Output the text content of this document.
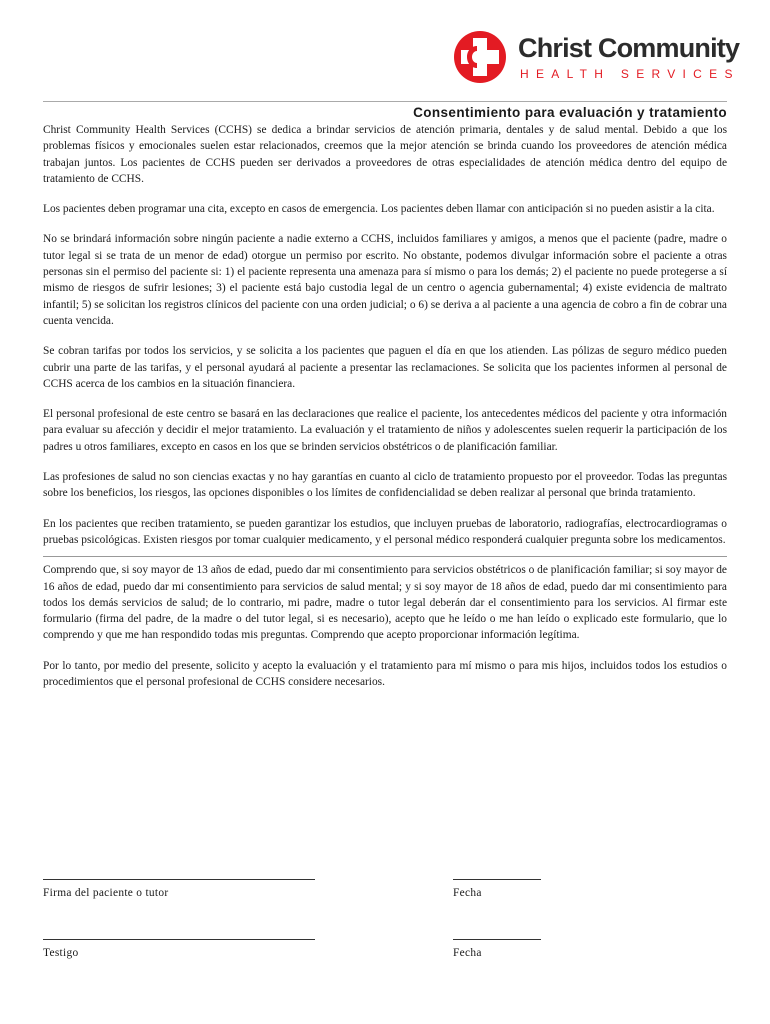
Christ Community
HEALTH SERVICES
Consentimiento para evaluación y tratamiento

Christ Community Health Services (CCHS) se dedica a brindar servicios de atención primaria, dentales y de salud mental. Debido a que los problemas físicos y emocionales suelen estar relacionados, creemos que la mejor atención se brinda cuando los proveedores de atención médica trabajan juntos. Los pacientes de CCHS pueden ser derivados a proveedores de otras especialidades de atención médica dentro del equipo de tratamiento de CCHS.

Los pacientes deben programar una cita, excepto en casos de emergencia. Los pacientes deben llamar con anticipación si no pueden asistir a la cita.

No se brindará información sobre ningún paciente a nadie externo a CCHS, incluidos familiares y amigos, a menos que el paciente (padre, madre o tutor legal si se trata de un menor de edad) otorgue un permiso por escrito. No obstante, podemos divulgar información sobre el paciente a otras personas sin el permiso del paciente si: 1) el paciente representa una amenaza para sí mismo o para los demás; 2) el paciente no puede protegerse a sí mismo de riesgos de sufrir lesiones; 3) el paciente está bajo custodia legal de un centro o agencia gubernamental; 4) existe evidencia de maltrato infantil; 5) se solicitan los registros clínicos del paciente con una orden judicial; o 6) se deriva a al paciente a una agencia de cobro a fin de cobrar una cuenta vencida.

Se cobran tarifas por todos los servicios, y se solicita a los pacientes que paguen el día en que los atienden. Las pólizas de seguro médico pueden cubrir una parte de las tarifas, y el personal ayudará al paciente a presentar las reclamaciones. Se solicita que los pacientes informen al personal de CCHS acerca de los cambios en la situación financiera.

El personal profesional de este centro se basará en las declaraciones que realice el paciente, los antecedentes médicos del paciente y otra información para evaluar su afección y decidir el mejor tratamiento. La evaluación y el tratamiento de niños y adolescentes suelen requerir la participación de los padres u otros familiares, excepto en casos en los que se brinden servicios obstétricos o de planificación familiar.

Las profesiones de salud no son ciencias exactas y no hay garantías en cuanto al ciclo de tratamiento propuesto por el proveedor. Todas las preguntas sobre los beneficios, los riesgos, las opciones disponibles o los límites de confidencialidad se deben realizar al personal que brinda tratamiento.

En los pacientes que reciben tratamiento, se pueden garantizar los estudios, que incluyen pruebas de laboratorio, radiografías, electrocardiogramas o pruebas psicológicas. Existen riesgos por tomar cualquier medicamento, y el personal médico responderá cualquier pregunta sobre los medicamentos.

Comprendo que, si soy mayor de 13 años de edad, puedo dar mi consentimiento para servicios obstétricos o de planificación familiar; si soy mayor de 16 años de edad, puedo dar mi consentimiento para servicios de salud mental; y si soy mayor de 18 años de edad, puedo dar mi consentimiento para todos los demás servicios de salud; de lo contrario, mi padre, madre o tutor legal deberán dar el consentimiento para los servicios. Al firmar este formulario (firma del padre, de la madre o del tutor legal, si es necesario), acepto que he leído o me han leído o explicado este formulario, que lo comprendo y que me han respondido todas mis preguntas. Comprendo que acepto proporcionar información legítima.

Por lo tanto, por medio del presente, solicito y acepto la evaluación y el tratamiento para mí mismo o para mis hijos, incluidos todos los estudios o procedimientos que el personal profesional de CCHS considere necesarios.

Firma del paciente o tutor	Fecha
Testigo	Fecha
